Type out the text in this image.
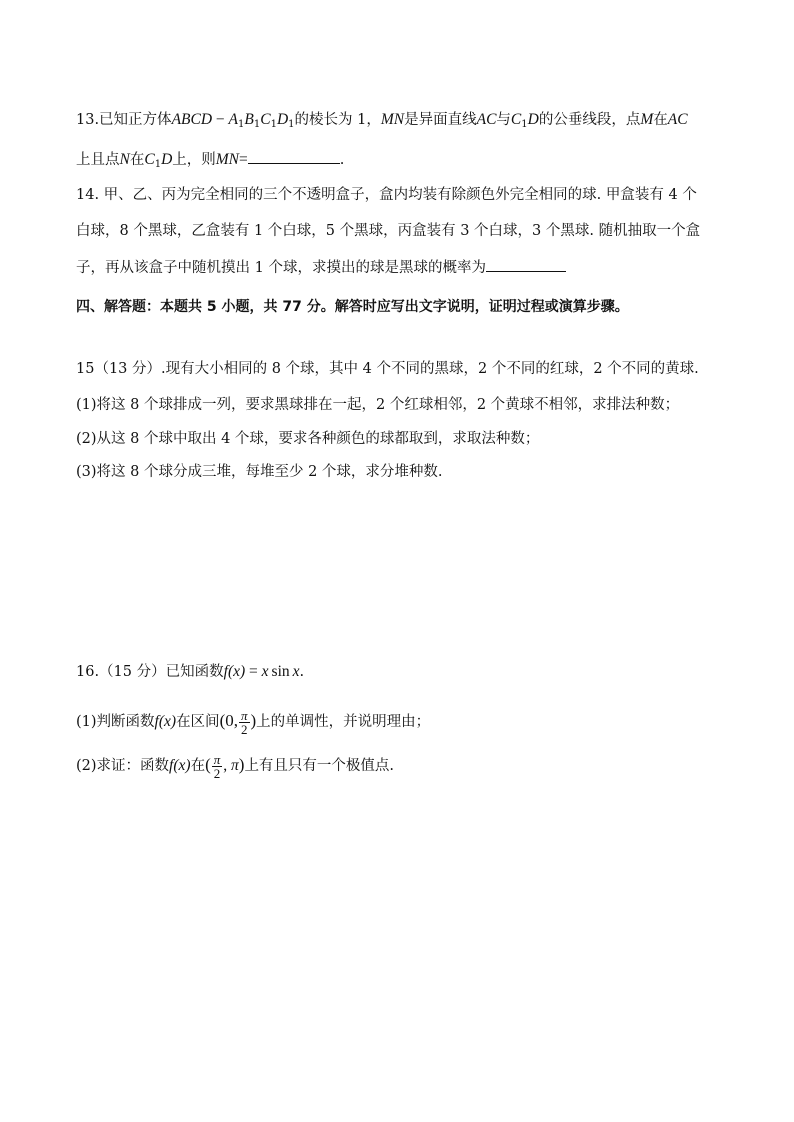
13.已知正方体ABCD − $A_1B_1C_1D_1$的棱长为 1，MN是异面直线AC与$C_1D$的公垂线段，点M在AC
上且点N在$C_1D$上，则MN=	.
14. 甲、乙、丙为完全相同的三个不透明盒子，盒内均装有除颜色外完全相同的球. 甲盒装有 4 个
白球，8 个黑球，乙盒装有 1 个白球，5 个黑球，丙盒装有 3 个白球，3 个黑球. 随机抽取一个盒
子，再从该盒子中随机摸出 1 个球，求摸出的球是黑球的概率为
四、解答题：本题共 5 小题，共 77 分。解答时应写出文字说明，证明过程或演算步骤。
15（13 分）.现有大小相同的 8 个球，其中 4 个不同的黑球，2 个不同的红球，2 个不同的黄球.
(1)将这 8 个球排成一列，要求黑球排在一起，2 个红球相邻，2 个黄球不相邻，求排法种数；
(2)从这 8 个球中取出 4 个球，要求各种颜色的球都取到，求取法种数；
(3)将这 8 个球分成三堆，每堆至少 2 个球，求分堆种数.
16.（15 分）已知函数f(x) = x sin x.
(1)判断函数f(x)在区间(0, $\frac{\pi}{2}$ )上的单调性，并说明理由；
(2)求证：函数f(x)在( $\frac{\pi}{2}$ , π)上有且只有一个极值点.
